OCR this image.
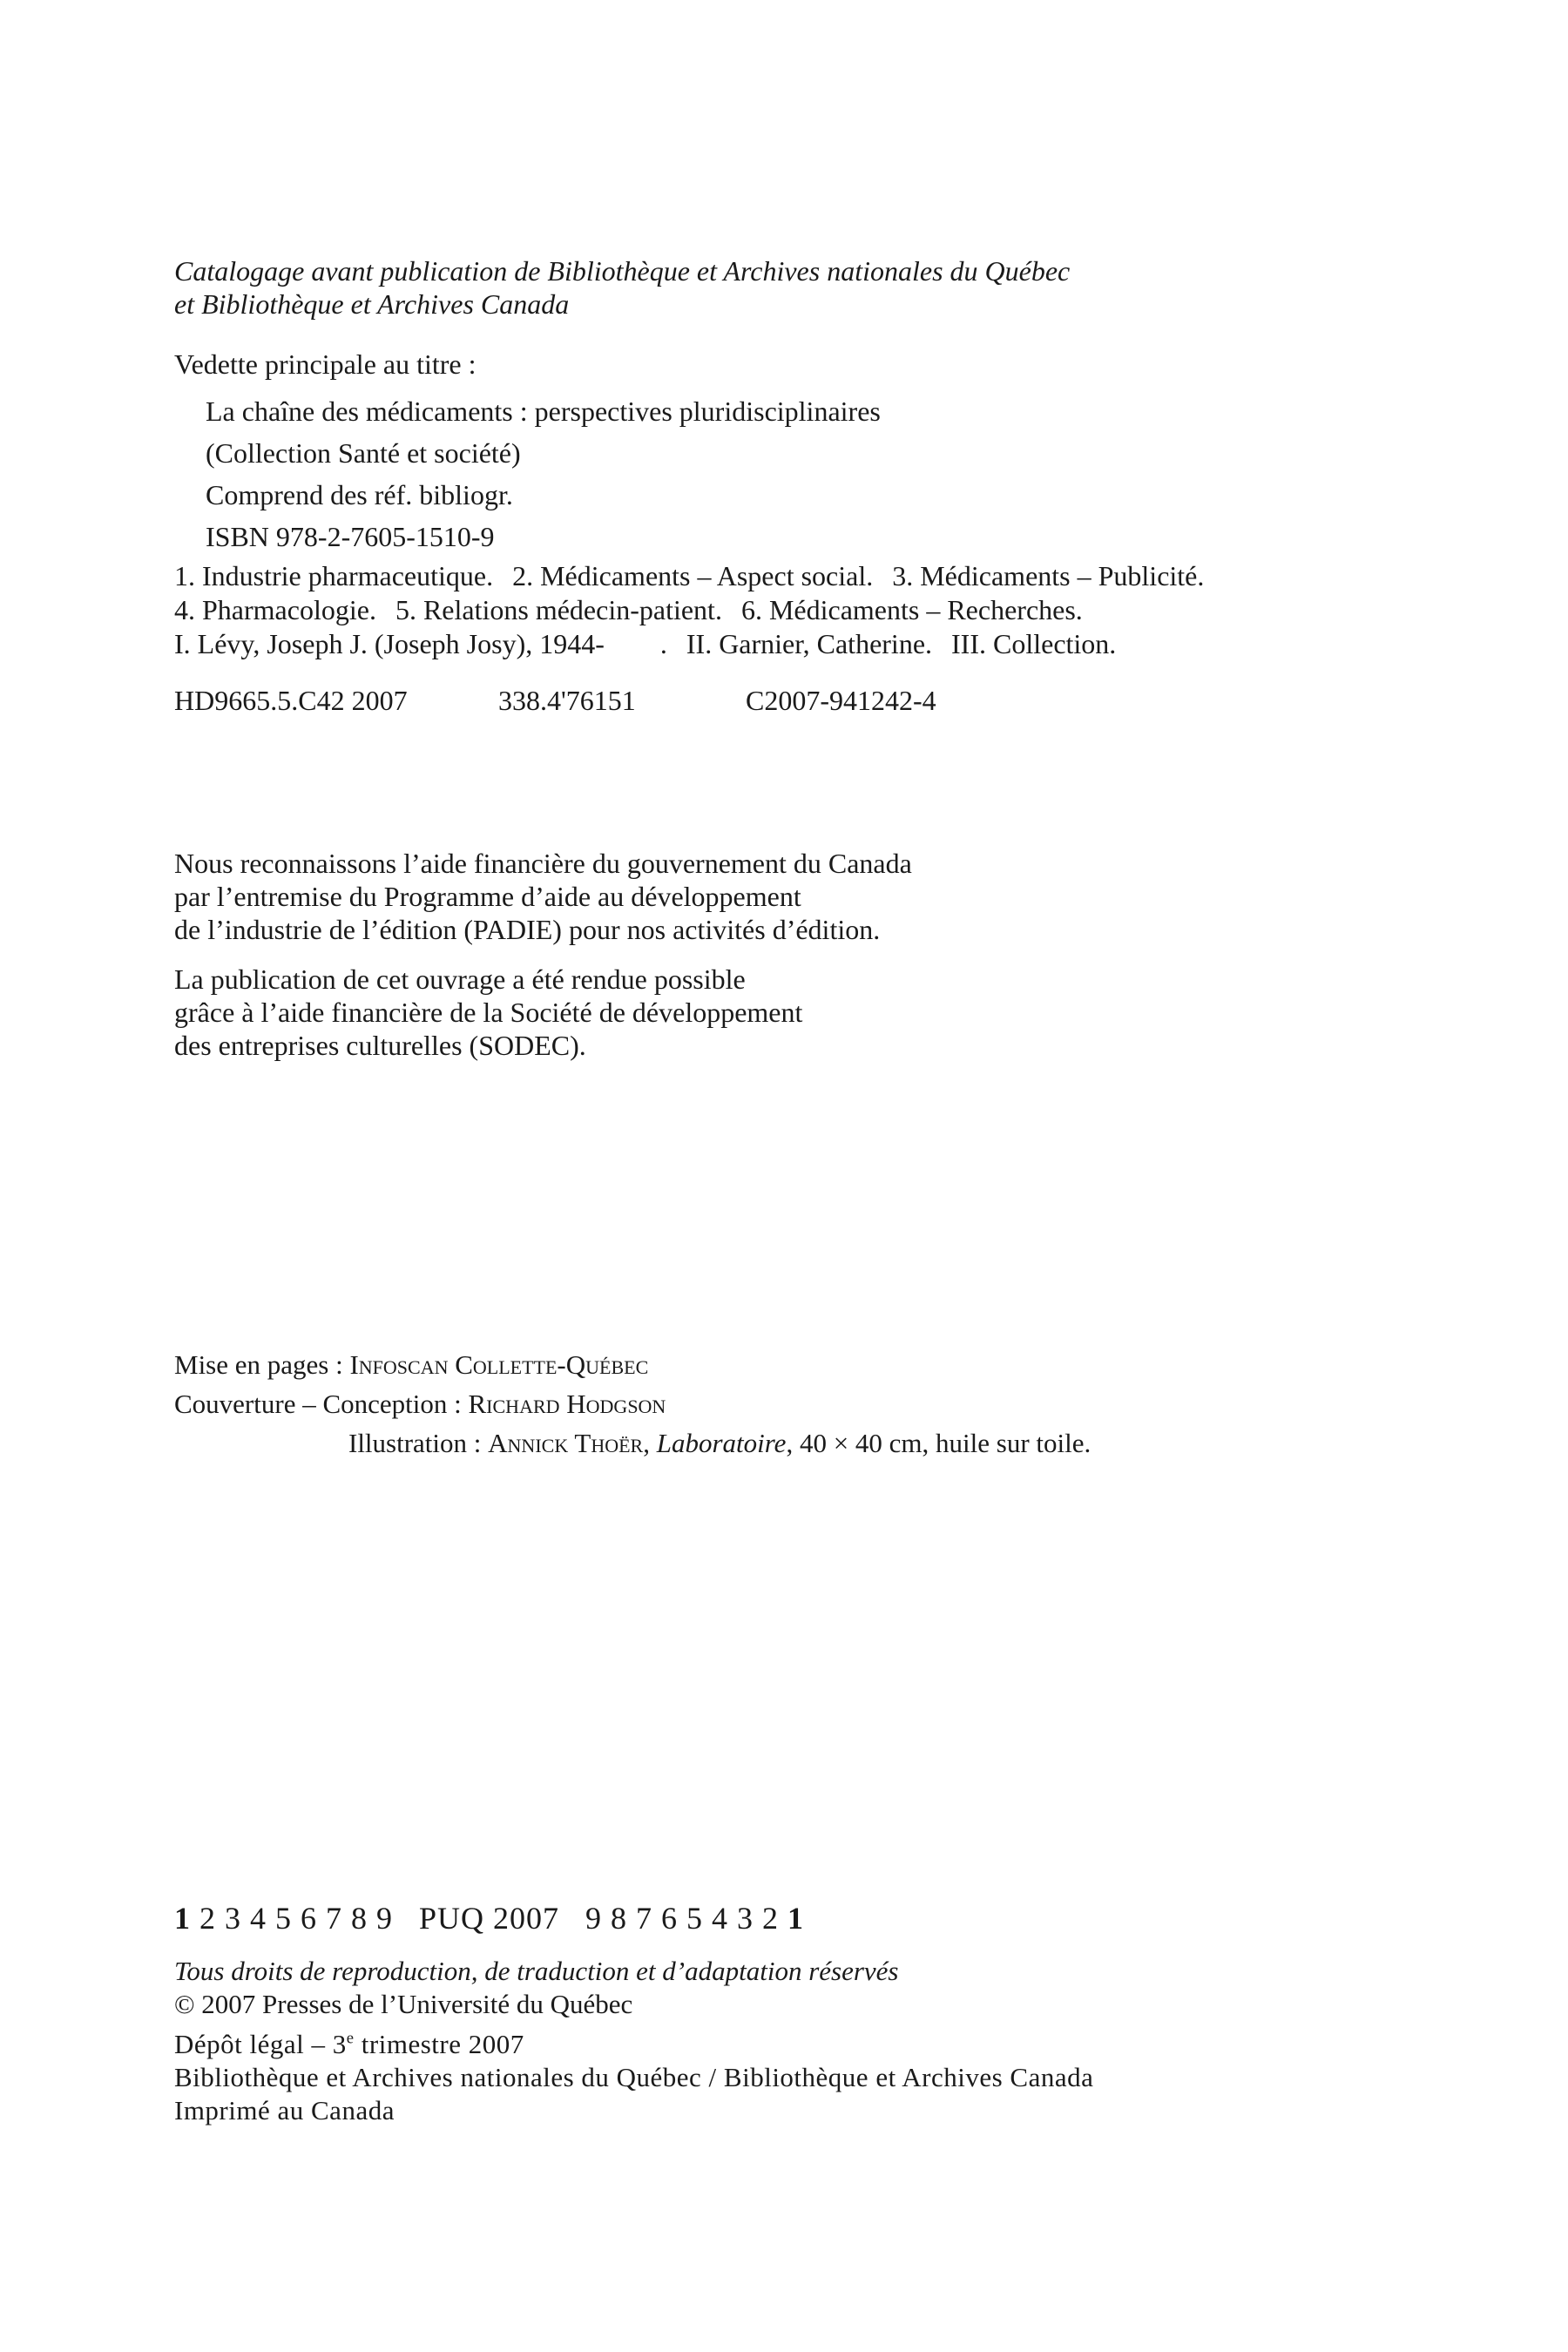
Catalogage avant publication de Bibliothèque et Archives nationales du Québec
et Bibliothèque et Archives Canada
Vedette principale au titre :
La chaîne des médicaments : perspectives pluridisciplinaires
(Collection Santé et société)
Comprend des réf. bibliogr.
ISBN 978-2-7605-1510-9
1. Industrie pharmaceutique. 2. Médicaments – Aspect social. 3. Médicaments – Publicité.
4. Pharmacologie. 5. Relations médecin-patient. 6. Médicaments – Recherches.
I. Lévy, Joseph J. (Joseph Josy), 1944-        . II. Garnier, Catherine. III. Collection.
HD9665.5.C42 2007	338.4'76151	C2007-941242-4
Nous reconnaissons l’aide financière du gouvernement du Canada
par l’entremise du Programme d’aide au développement
de l’industrie de l’édition (PADIE) pour nos activités d’édition.
La publication de cet ouvrage a été rendue possible
grâce à l’aide financière de la Société de développement
des entreprises culturelles (SODEC).
Mise en pages : Infoscan Collette-Québec
Couverture – Conception : Richard Hodgson
Illustration : Annick Thoër, Laboratoire, 40 × 40 cm, huile sur toile.
1 2 3 4 5 6 7 8 9   PUQ 2007   9 8 7 6 5 4 3 2 1
Tous droits de reproduction, de traduction et d’adaptation réservés
© 2007 Presses de l’Université du Québec
Dépôt légal – 3e trimestre 2007
Bibliothèque et Archives nationales du Québec / Bibliothèque et Archives Canada
Imprimé au Canada
